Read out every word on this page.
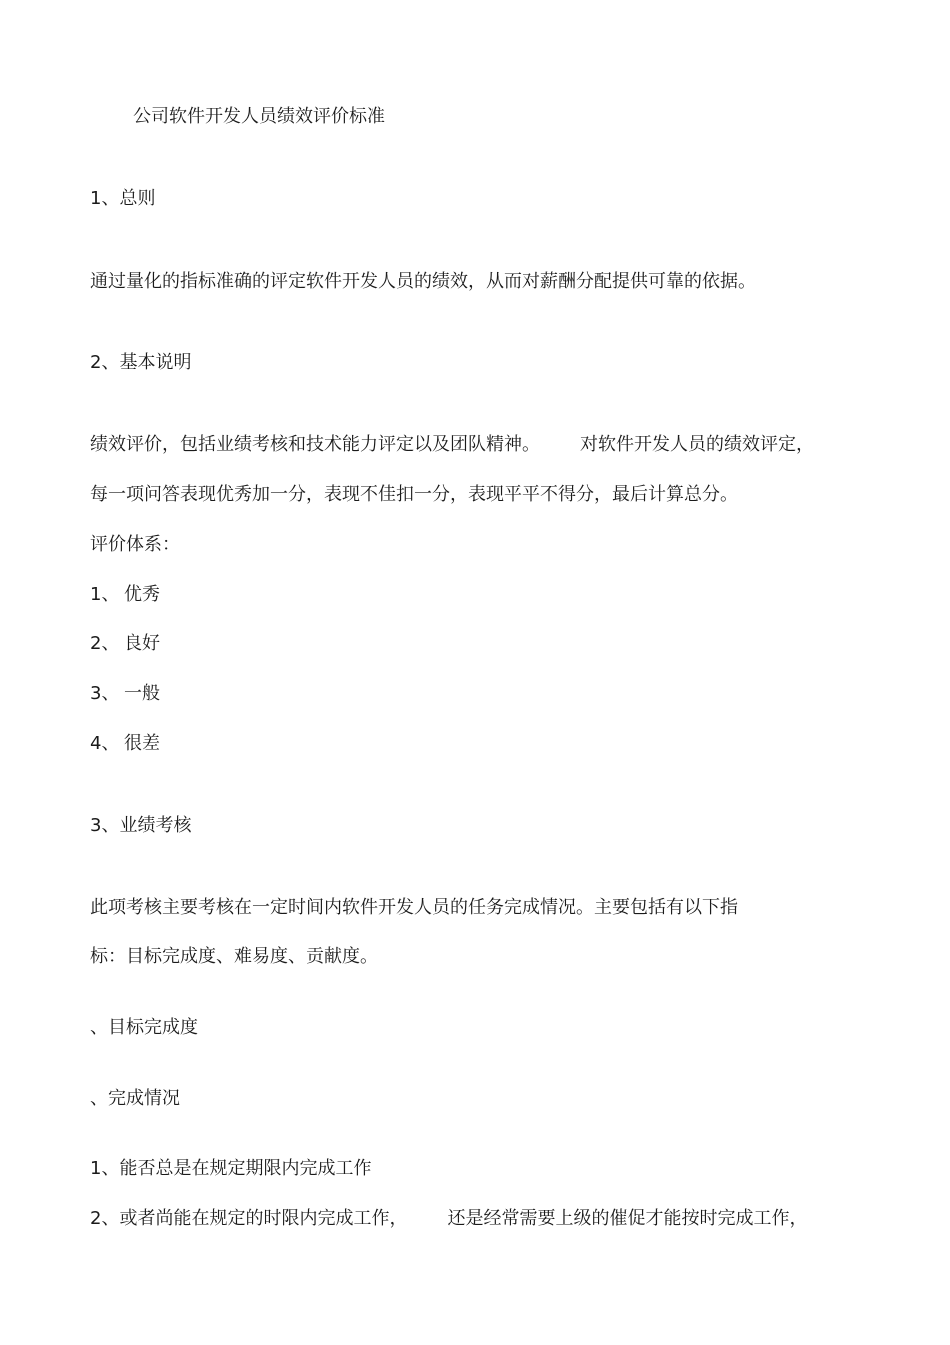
公司软件开发人员绩效评价标准

1、总则

通过量化的指标准确的评定软件开发人员的绩效，从而对薪酬分配提供可靠的依据。

2、基本说明

绩效评价，包括业绩考核和技术能力评定以及团队精神。 对软件开发人员的绩效评定，

每一项问答表现优秀加一分，表现不佳扣一分，表现平平不得分，最后计算总分。

评价体系：

1、 优秀

2、 良好

3、 一般

4、 很差

3、业绩考核

此项考核主要考核在一定时间内软件开发人员的任务完成情况。主要包括有以下指

标：目标完成度、难易度、贡献度。

、目标完成度

、完成情况

1、能否总是在规定期限内完成工作

2、或者尚能在规定的时限内完成工作， 还是经常需要上级的催促才能按时完成工作，
